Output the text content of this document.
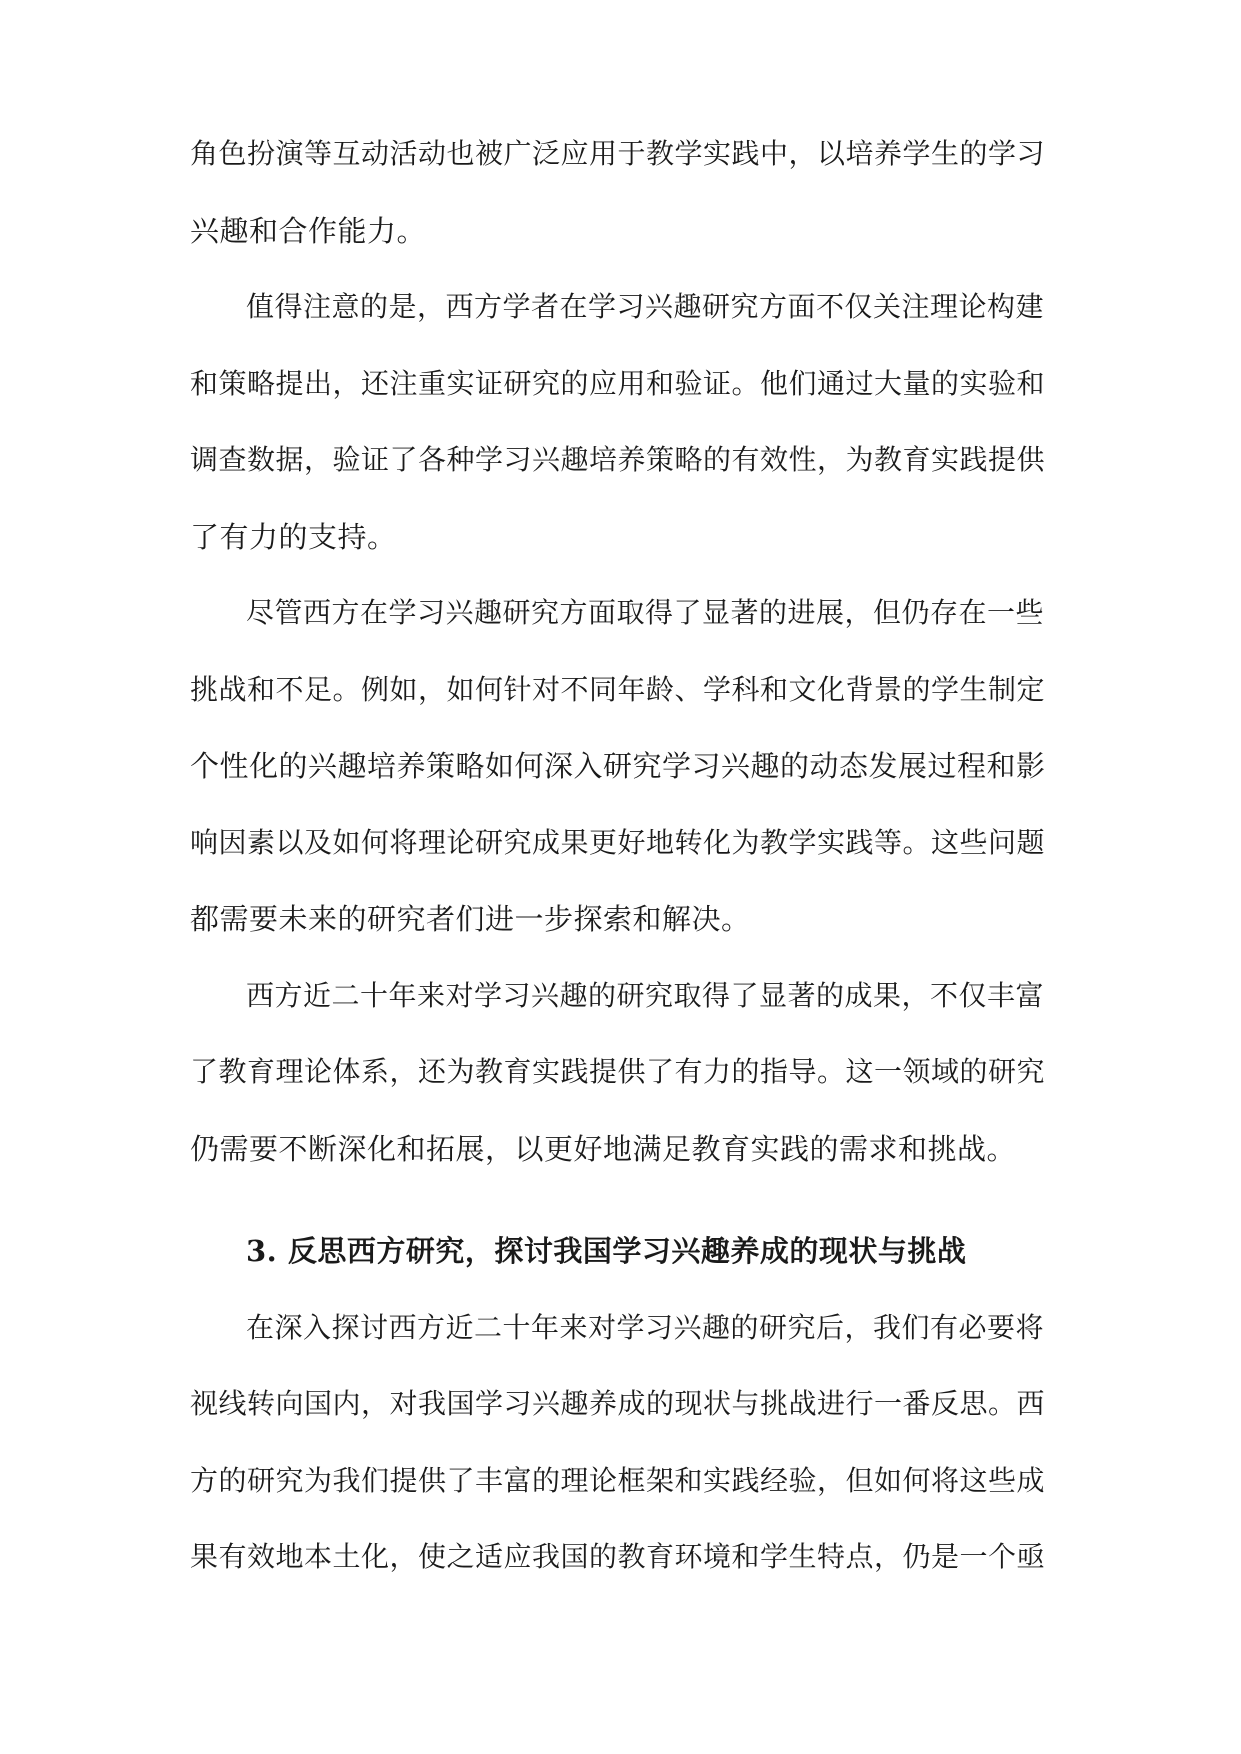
角色扮演等互动活动也被广泛应用于教学实践中，以培养学生的学习

兴趣和合作能力。

值得注意的是，西方学者在学习兴趣研究方面不仅关注理论构建

和策略提出，还注重实证研究的应用和验证。他们通过大量的实验和

调查数据，验证了各种学习兴趣培养策略的有效性，为教育实践提供

了有力的支持。

尽管西方在学习兴趣研究方面取得了显著的进展，但仍存在一些

挑战和不足。例如，如何针对不同年龄、学科和文化背景的学生制定

个性化的兴趣培养策略如何深入研究学习兴趣的动态发展过程和影

响因素以及如何将理论研究成果更好地转化为教学实践等。这些问题

都需要未来的研究者们进一步探索和解决。

西方近二十年来对学习兴趣的研究取得了显著的成果，不仅丰富

了教育理论体系，还为教育实践提供了有力的指导。这一领域的研究

仍需要不断深化和拓展，以更好地满足教育实践的需求和挑战。

3. 反思西方研究，探讨我国学习兴趣养成的现状与挑战

在深入探讨西方近二十年来对学习兴趣的研究后，我们有必要将

视线转向国内，对我国学习兴趣养成的现状与挑战进行一番反思。西

方的研究为我们提供了丰富的理论框架和实践经验，但如何将这些成

果有效地本土化，使之适应我国的教育环境和学生特点，仍是一个亟
